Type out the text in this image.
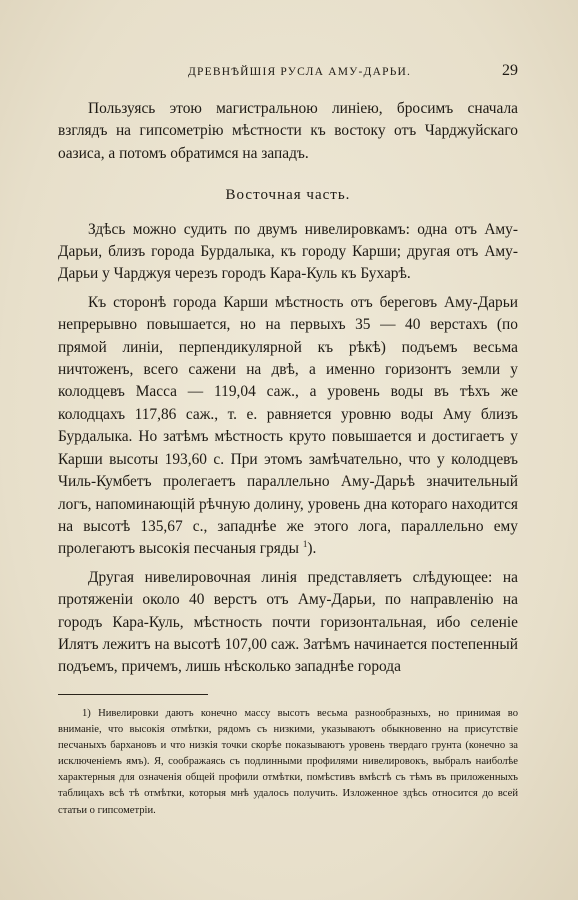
ДРЕВНѢЙШІЯ РУСЛА АМУ-ДАРЬИ.	29

Пользуясь этою магистральною линіею, бросимъ сначала взглядъ на гипсометрію мѣстности къ востоку отъ Чарджуйскаго оазиса, а потомъ обратимся на западъ.

Восточная часть.

Здѣсь можно судить по двумъ нивелировкамъ: одна отъ Аму-Дарьи, близъ города Бурдалыка, къ городу Карши; другая отъ Аму-Дарьи у Чарджуя черезъ городъ Кара-Куль къ Бухарѣ.

Къ сторонѣ города Карши мѣстность отъ береговъ Аму-Дарьи непрерывно повышается, но на первыхъ 35 — 40 верстахъ (по прямой линіи, перпендикулярной къ рѣкѣ) подъемъ весьма ничтоженъ, всего сажени на двѣ, а именно горизонтъ земли у колодцевъ Масса — 119,04 саж., а уровень воды въ тѣхъ же колодцахъ 117,86 саж., т. е. равняется уровню воды Аму близъ Бурдалыка. Но затѣмъ мѣстность круто повышается и достигаетъ у Карши высоты 193,60 с. При этомъ замѣчательно, что у колодцевъ Чиль-Кумбетъ пролегаетъ параллельно Аму-Дарьѣ значительный логъ, напоминающій рѣчную долину, уровень дна котораго находится на высотѣ 135,67 с., западнѣе же этого лога, параллельно ему пролегаютъ высокія песчаныя гряды $^1$).

Другая нивелировочная линія представляетъ слѣдующее: на протяженіи около 40 верстъ отъ Аму-Дарьи, по направленію на городъ Кара-Куль, мѣстность почти горизонтальная, ибо селеніе Илятъ лежитъ на высотѣ 107,00 саж. Затѣмъ начинается постепенный подъемъ, причемъ, лишь нѣсколько западнѣе города

1) Нивелировки даютъ конечно массу высотъ весьма разнообразныхъ, но принимая во вниманіе, что высокія отмѣтки, рядомъ съ низкими, указываютъ обыкновенно на присутствіе песчаныхъ бархановъ и что низкія точки скорѣе показываютъ уровень твердаго грунта (конечно за исключеніемъ ямъ). Я, соображаясь съ подлинными профилями нивелировокъ, выбралъ наиболѣе характерныя для означенія общей профили отмѣтки, помѣстивъ вмѣстѣ съ тѣмъ въ приложенныхъ таблицахъ всѣ тѣ отмѣтки, которыя мнѣ удалось получить. Изложенное здѣсь относится до всей статьи о гипсометріи.
